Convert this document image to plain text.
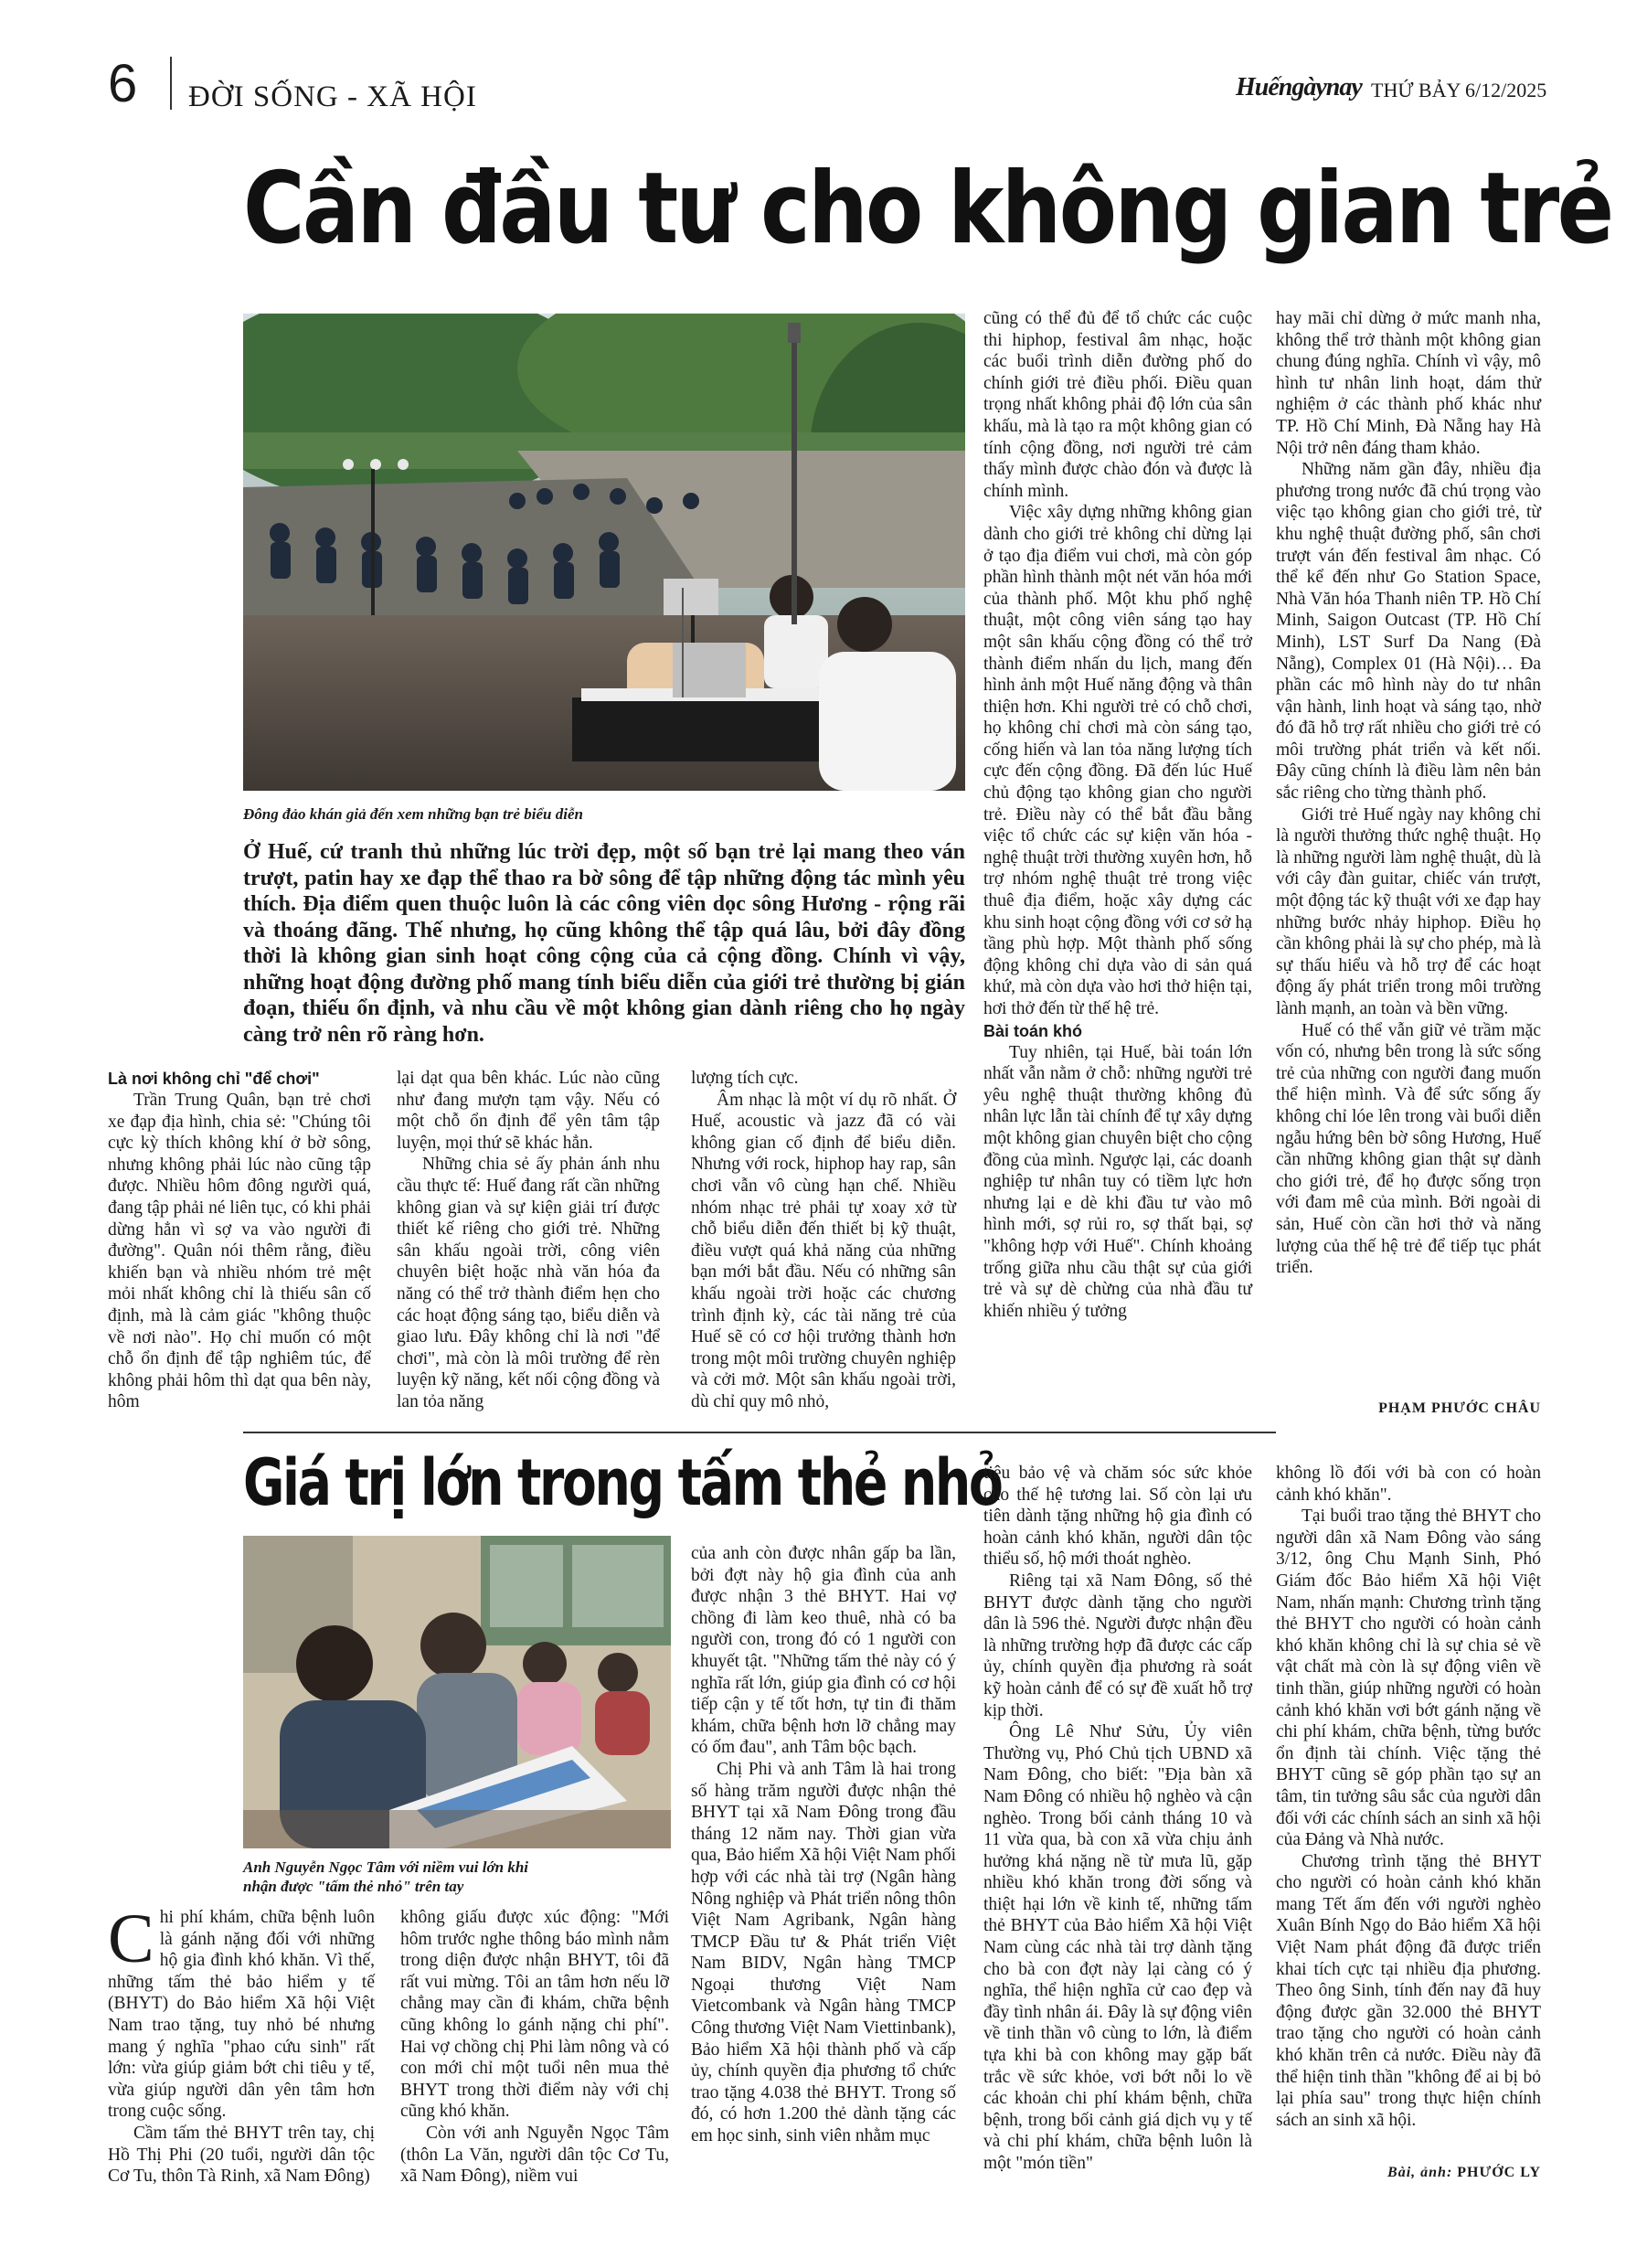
6 ĐỜI SỐNG - XÃ HỘI	Huếngàynay THỨ BẢY 6/12/2025
Cần đầu tư cho không gian trẻ
Đông đảo khán giả đến xem những bạn trẻ biểu diễn
Ở Huế, cứ tranh thủ những lúc trời đẹp, một số bạn trẻ lại mang theo ván trượt, patin hay xe đạp thể thao ra bờ sông để tập những động tác mình yêu thích. Địa điểm quen thuộc luôn là các công viên dọc sông Hương - rộng rãi và thoáng đãng. Thế nhưng, họ cũng không thể tập quá lâu, bởi đây đồng thời là không gian sinh hoạt công cộng của cả cộng đồng. Chính vì vậy, những hoạt động đường phố mang tính biểu diễn của giới trẻ thường bị gián đoạn, thiếu ổn định, và nhu cầu về một không gian dành riêng cho họ ngày càng trở nên rõ ràng hơn.

Là nơi không chỉ "để chơi"

Trần Trung Quân, bạn trẻ chơi xe đạp địa hình, chia sẻ: "Chúng tôi cực kỳ thích không khí ở bờ sông, nhưng không phải lúc nào cũng tập được. Nhiều hôm đông người quá, đang tập phải né liên tục, có khi phải dừng hẳn vì sợ va vào người đi đường". Quân nói thêm rằng, điều khiến bạn và nhiều nhóm trẻ mệt mỏi nhất không chỉ là thiếu sân cố định, mà là cảm giác "không thuộc về nơi nào". Họ chỉ muốn có một chỗ ổn định để tập nghiêm túc, để không phải hôm thì dạt qua bên này, hôm

lại dạt qua bên khác. Lúc nào cũng như đang mượn tạm vậy. Nếu có một chỗ ổn định để yên tâm tập luyện, mọi thứ sẽ khác hẳn.

Những chia sẻ ấy phản ánh nhu cầu thực tế: Huế đang rất cần những không gian và sự kiện giải trí được thiết kế riêng cho giới trẻ. Những sân khấu ngoài trời, công viên chuyên biệt hoặc nhà văn hóa đa năng có thể trở thành điểm hẹn cho các hoạt động sáng tạo, biểu diễn và giao lưu. Đây không chỉ là nơi "để chơi", mà còn là môi trường để rèn luyện kỹ năng, kết nối cộng đồng và lan tỏa năng

lượng tích cực.

Âm nhạc là một ví dụ rõ nhất. Ở Huế, acoustic và jazz đã có vài không gian cố định để biểu diễn. Nhưng với rock, hiphop hay rap, sân chơi vẫn vô cùng hạn chế. Nhiều nhóm nhạc trẻ phải tự xoay xở từ chỗ biểu diễn đến thiết bị kỹ thuật, điều vượt quá khả năng của những bạn mới bắt đầu. Nếu có những sân khấu ngoài trời hoặc các chương trình định kỳ, các tài năng trẻ của Huế sẽ có cơ hội trưởng thành hơn trong một môi trường chuyên nghiệp và cởi mở. Một sân khấu ngoài trời, dù chỉ quy mô nhỏ,

cũng có thể đủ để tổ chức các cuộc thi hiphop, festival âm nhạc, hoặc các buổi trình diễn đường phố do chính giới trẻ điều phối. Điều quan trọng nhất không phải độ lớn của sân khấu, mà là tạo ra một không gian có tính cộng đồng, nơi người trẻ cảm thấy mình được chào đón và được là chính mình.

Việc xây dựng những không gian dành cho giới trẻ không chỉ dừng lại ở tạo địa điểm vui chơi, mà còn góp phần hình thành một nét văn hóa mới của thành phố. Một khu phố nghệ thuật, một công viên sáng tạo hay một sân khấu cộng đồng có thể trở thành điểm nhấn du lịch, mang đến hình ảnh một Huế năng động và thân thiện hơn. Khi người trẻ có chỗ chơi, họ không chỉ chơi mà còn sáng tạo, cống hiến và lan tỏa năng lượng tích cực đến cộng đồng. Đã đến lúc Huế chủ động tạo không gian cho người trẻ. Điều này có thể bắt đầu bằng việc tổ chức các sự kiện văn hóa - nghệ thuật trời thường xuyên hơn, hỗ trợ nhóm nghệ thuật trẻ trong việc thuê địa điểm, hoặc xây dựng các khu sinh hoạt cộng đồng với cơ sở hạ tầng phù hợp. Một thành phố sống động không chỉ dựa vào di sản quá khứ, mà còn dựa vào hơi thở hiện tại, hơi thở đến từ thế hệ trẻ.

Bài toán khó

Tuy nhiên, tại Huế, bài toán lớn nhất vẫn nằm ở chỗ: những người trẻ yêu nghệ thuật thường không đủ nhân lực lẫn tài chính để tự xây dựng một không gian chuyên biệt cho cộng đồng của mình. Ngược lại, các doanh nghiệp tư nhân tuy có tiềm lực hơn nhưng lại e dè khi đầu tư vào mô hình mới, sợ rủi ro, sợ thất bại, sợ "không hợp với Huế". Chính khoảng trống giữa nhu cầu thật sự của giới trẻ và sự dè chừng của nhà đầu tư khiến nhiều ý tưởng

hay mãi chỉ dừng ở mức manh nha, không thể trở thành một không gian chung đúng nghĩa. Chính vì vậy, mô hình tư nhân linh hoạt, dám thử nghiệm ở các thành phố khác như TP. Hồ Chí Minh, Đà Nẵng hay Hà Nội trở nên đáng tham khảo.

Những năm gần đây, nhiều địa phương trong nước đã chú trọng vào việc tạo không gian cho giới trẻ, từ khu nghệ thuật đường phố, sân chơi trượt ván đến festival âm nhạc. Có thể kể đến như Go Station Space, Nhà Văn hóa Thanh niên TP. Hồ Chí Minh, Saigon Outcast (TP. Hồ Chí Minh), LST Surf Da Nang (Đà Nẵng), Complex 01 (Hà Nội)… Đa phần các mô hình này do tư nhân vận hành, linh hoạt và sáng tạo, nhờ đó đã hỗ trợ rất nhiều cho giới trẻ có môi trường phát triển và kết nối. Đây cũng chính là điều làm nên bản sắc riêng cho từng thành phố.

Giới trẻ Huế ngày nay không chỉ là người thưởng thức nghệ thuật. Họ là những người làm nghệ thuật, dù là với cây đàn guitar, chiếc ván trượt, một động tác kỹ thuật với xe đạp hay những bước nhảy hiphop. Điều họ cần không phải là sự cho phép, mà là sự thấu hiểu và hỗ trợ để các hoạt động ấy phát triển trong môi trường lành mạnh, an toàn và bền vững.

Huế có thể vẫn giữ vẻ trầm mặc vốn có, nhưng bên trong là sức sống trẻ của những con người đang muốn thể hiện mình. Và để sức sống ấy không chỉ lóe lên trong vài buổi diễn ngẫu hứng bên bờ sông Hương, Huế cần những không gian thật sự dành cho giới trẻ, để họ được sống trọn với đam mê của mình. Bởi ngoài di sản, Huế còn cần hơi thở và năng lượng của thế hệ trẻ để tiếp tục phát triển.

PHẠM PHƯỚC CHÂU
Giá trị lớn trong tấm thẻ nhỏ
Anh Nguyễn Ngọc Tâm với niềm vui lớn khi nhận được "tấm thẻ nhỏ" trên tay

Chi phí khám, chữa bệnh luôn là gánh nặng đối với những hộ gia đình khó khăn. Vì thế, những tấm thẻ bảo hiểm y tế (BHYT) do Bảo hiểm Xã hội Việt Nam trao tặng, tuy nhỏ bé nhưng mang ý nghĩa "phao cứu sinh" rất lớn: vừa giúp giảm bớt chi tiêu y tế, vừa giúp người dân yên tâm hơn trong cuộc sống.

Cầm tấm thẻ BHYT trên tay, chị Hồ Thị Phi (20 tuổi, người dân tộc Cơ Tu, thôn Tà Rinh, xã Nam Đông)

không giấu được xúc động: "Mới hôm trước nghe thông báo mình nằm trong diện được nhận BHYT, tôi đã rất vui mừng. Tôi an tâm hơn nếu lỡ chẳng may cần đi khám, chữa bệnh cũng không lo gánh nặng chi phí". Hai vợ chồng chị Phi làm nông và có con mới chỉ một tuổi nên mua thẻ BHYT trong thời điểm này với chị cũng khó khăn.

Còn với anh Nguyễn Ngọc Tâm (thôn La Văn, người dân tộc Cơ Tu, xã Nam Đông), niềm vui

của anh còn được nhân gấp ba lần, bởi đợt này hộ gia đình của anh được nhận 3 thẻ BHYT. Hai vợ chồng đi làm keo thuê, nhà có ba người con, trong đó có 1 người con khuyết tật. "Những tấm thẻ này có ý nghĩa rất lớn, giúp gia đình có cơ hội tiếp cận y tế tốt hơn, tự tin đi thăm khám, chữa bệnh hơn lỡ chẳng may có ốm đau", anh Tâm bộc bạch.

Chị Phi và anh Tâm là hai trong số hàng trăm người được nhận thẻ BHYT tại xã Nam Đông trong đầu tháng 12 năm nay. Thời gian vừa qua, Bảo hiểm Xã hội Việt Nam phối hợp với các nhà tài trợ (Ngân hàng Nông nghiệp và Phát triển nông thôn Việt Nam Agribank, Ngân hàng TMCP Đầu tư & Phát triển Việt Nam BIDV, Ngân hàng TMCP Ngoại thương Việt Nam Vietcombank và Ngân hàng TMCP Công thương Việt Nam Viettinbank), Bảo hiểm Xã hội thành phố và cấp ủy, chính quyền địa phương tổ chức trao tặng 4.038 thẻ BHYT. Trong số đó, có hơn 1.200 thẻ dành tặng các em học sinh, sinh viên nhằm mục

tiêu bảo vệ và chăm sóc sức khỏe cho thế hệ tương lai. Số còn lại ưu tiên dành tặng những hộ gia đình có hoàn cảnh khó khăn, người dân tộc thiểu số, hộ mới thoát nghèo.

Riêng tại xã Nam Đông, số thẻ BHYT được dành tặng cho người dân là 596 thẻ. Người được nhận đều là những trường hợp đã được các cấp ủy, chính quyền địa phương rà soát kỹ hoàn cảnh để có sự đề xuất hỗ trợ kịp thời.

Ông Lê Như Sửu, Ủy viên Thường vụ, Phó Chủ tịch UBND xã Nam Đông, cho biết: "Địa bàn xã Nam Đông có nhiều hộ nghèo và cận nghèo. Trong bối cảnh tháng 10 và 11 vừa qua, bà con xã vừa chịu ảnh hưởng khá nặng nề từ mưa lũ, gặp nhiều khó khăn trong đời sống và thiệt hại lớn về kinh tế, những tấm thẻ BHYT của Bảo hiểm Xã hội Việt Nam cùng các nhà tài trợ dành tặng cho bà con đợt này lại càng có ý nghĩa, thể hiện nghĩa cử cao đẹp và đầy tình nhân ái. Đây là sự động viên về tinh thần vô cùng to lớn, là điểm tựa khi bà con không may gặp bất trắc về sức khỏe, vơi bớt nỗi lo về các khoản chi phí khám bệnh, chữa bệnh, trong bối cảnh giá dịch vụ y tế và chi phí khám, chữa bệnh luôn là một "món tiền"

không lồ đối với bà con có hoàn cảnh khó khăn".

Tại buổi trao tặng thẻ BHYT cho người dân xã Nam Đông vào sáng 3/12, ông Chu Mạnh Sinh, Phó Giám đốc Bảo hiểm Xã hội Việt Nam, nhấn mạnh: Chương trình tặng thẻ BHYT cho người có hoàn cảnh khó khăn không chỉ là sự chia sẻ về vật chất mà còn là sự động viên về tinh thần, giúp những người có hoàn cảnh khó khăn vơi bớt gánh nặng về chi phí khám, chữa bệnh, từng bước ổn định tài chính. Việc tặng thẻ BHYT cũng sẽ góp phần tạo sự an tâm, tin tưởng sâu sắc của người dân đối với các chính sách an sinh xã hội của Đảng và Nhà nước.

Chương trình tặng thẻ BHYT cho người có hoàn cảnh khó khăn mang Tết ấm đến với người nghèo Xuân Bính Ngọ do Bảo hiểm Xã hội Việt Nam phát động đã được triển khai tích cực tại nhiều địa phương. Theo ông Sinh, tính đến nay đã huy động được gần 32.000 thẻ BHYT trao tặng cho người có hoàn cảnh khó khăn trên cả nước. Điều này đã thể hiện tinh thần "không để ai bị bỏ lại phía sau" trong thực hiện chính sách an sinh xã hội.

Bài, ảnh: PHƯỚC LY
